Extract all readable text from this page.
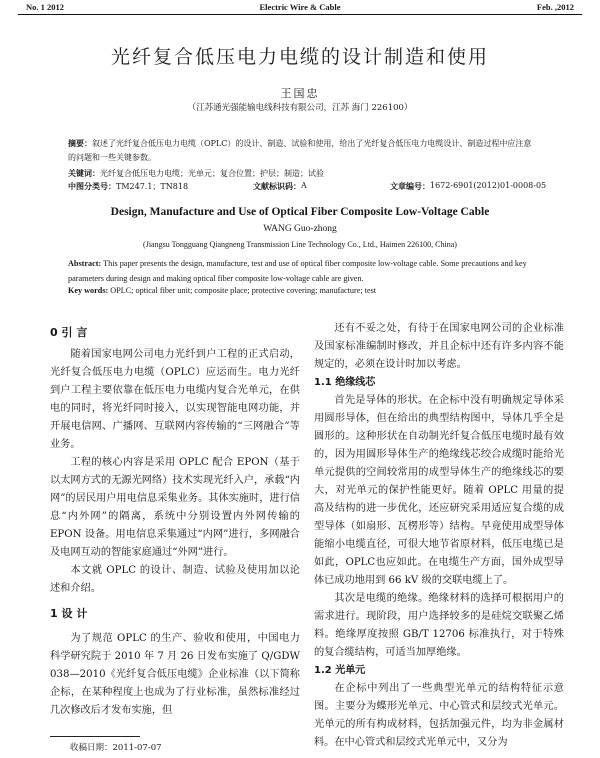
No. 1 2012	Electric Wire & Cable	Feb. ,2012
光纤复合低压电力电缆的设计制造和使用
王国忠
（江苏通光强能输电线科技有限公司，江苏 海门 226100）
摘要：叙述了光纤复合低压电力电缆（OPLC）的设计、制造、试验和使用，给出了光纤复合低压电力电缆设计、制造过程中应注意的问题和一些关键参数。
关键词：光纤复合低压电力电缆；光单元；复合位置；护层；制造；试验
中图分类号： TM247.1；TN818	文献标识码： A	文章编号： 1672-6901(2012)01-0008-05
Design, Manufacture and Use of Optical Fiber Composite Low-Voltage Cable
WANG Guo-zhong
(Jiangsu Tongguang Qiangneng Transmission Line Technology Co., Ltd., Haimen 226100, China)
Abstract: This paper presents the design, manufacture, test and use of optical fiber composite low-voltage cable. Some precautions and key parameters during design and making optical fiber composite low-voltage cable are given.
Key words: OPLC; optical fiber unit; composite place; protective covering; manufacture; test

0 引 言

随着国家电网公司电力光纤到户工程的正式启动，光纤复合低压电力电缆（OPLC）应运而生。电力光纤到户工程主要依靠在低压电力电缆内复合光单元，在供电的同时，将光纤同时接入，以实现智能电网功能，并开展电信网、广播网、互联网内容传输的“三网融合”等业务。

工程的核心内容是采用 OPLC 配合 EPON（基于以太网方式的无源光网络）技术实现光纤入户，承载“内网”的居民用户用电信息采集业务。其体实施时，进行信息“内外网”的隔离，系统中分别设置内外网传输的 EPON 设备。用电信息采集通过“内网”进行，多网融合及电网互动的智能家庭通过“外网”进行。

本文就 OPLC 的设计、制造、试验及使用加以论述和介绍。

1 设 计

为了规范 OPLC 的生产、验收和使用，中国电力科学研究院于 2010 年 7 月 26 日发布实施了 Q/GDW 038—2010《光纤复合低压电缆》企业标准（以下简称企标，在某种程度上也成为了行业标准，虽然标准经过几次修改后才发布实施，但

还有不妥之处，有待于在国家电网公司的企业标准及国家标准编制时修改，并且企标中还有许多内容不能规定的，必须在设计时加以考虑。

1.1 绝缘线芯

首先是导体的形状。在企标中没有明确规定导体采用圆形导体，但在给出的典型结构图中，导体几乎全是圆形的。这种形状在自动制光纤复合低压电缆时最有效的，因为用圆形导体生产的绝缘线芯绞合成缆时能给光单元提供的空间较常用的成型导体生产的绝缘线芯的要大，对光单元的保护性能更好。随着 OPLC 用量的提高及结构的进一步优化，还应研究采用适应复合缆的成型导体（如扇形、瓦楞形等）结构。早竟使用成型导体能缩小电缆直径，可很大地节省原材料，低压电缆已是如此，OPLC也应如此。在电缆生产方面，国外成型导体已成功地用到 66 kV 级的交联电缆上了。

其次是电缆的绝缘。绝缘材料的选择可根据用户的需求进行。现阶段，用户选择较多的是硅烷交联聚乙烯料。绝缘厚度按照 GB/T 12706 标准执行，对于特殊的复合缆结构，可适当加厚绝缘。

1.2 光单元

在企标中列出了一些典型光单元的结构特征示意图。主要分为蝶形光单元、中心管式和层绞式光单元。光单元的所有构成材料，包括加强元件，均为非金属材料。在中心管式和层绞式光单元中，又分为

收稿日期：2011-07-07
